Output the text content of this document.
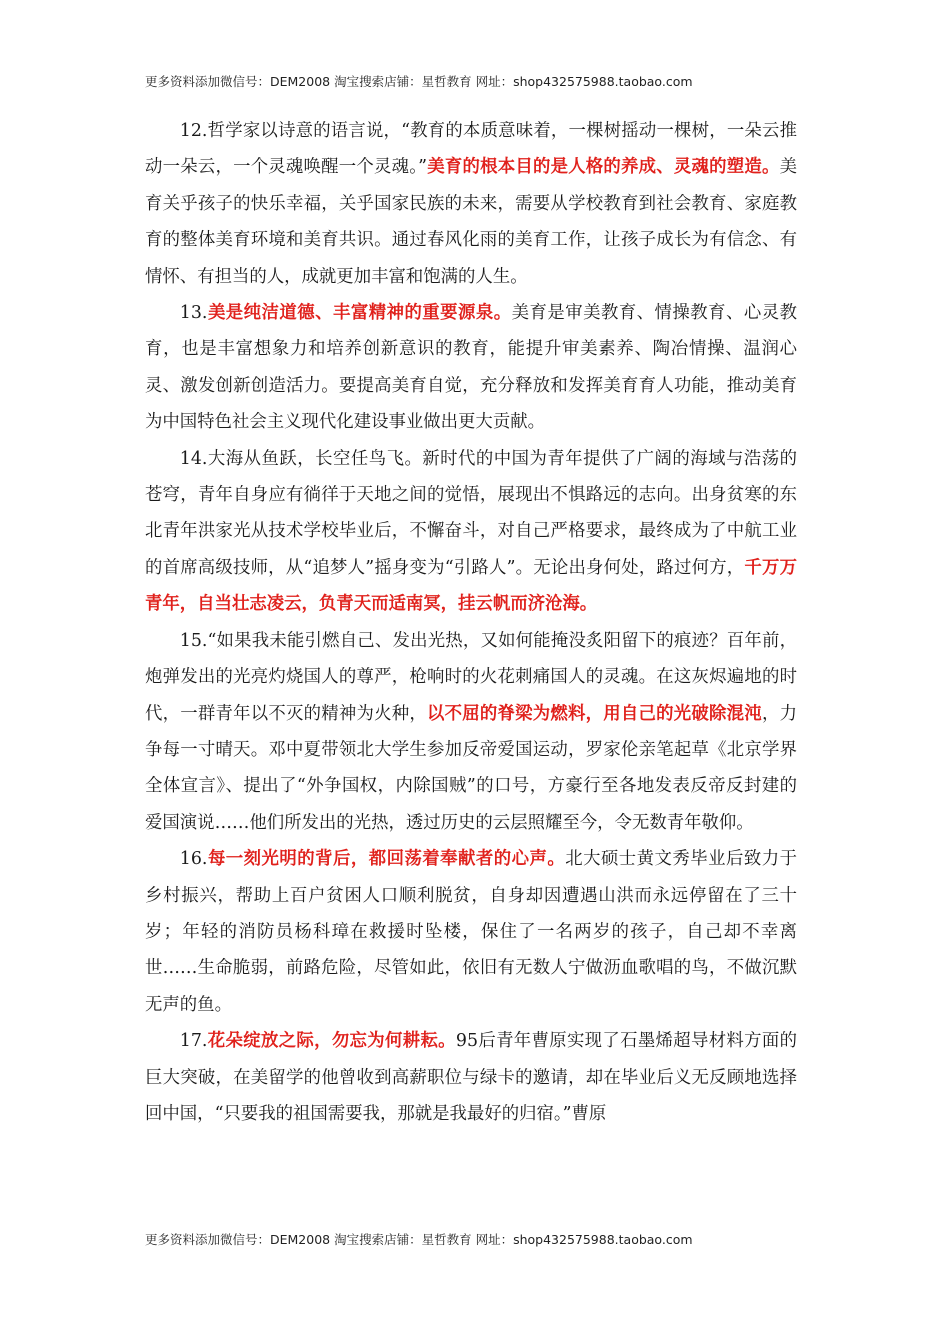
更多资料添加微信号：DEM2008 淘宝搜索店铺：星哲教育 网址：shop432575988.taobao.com

12.哲学家以诗意的语言说，“教育的本质意味着，一棵树摇动一棵树，一朵云推动一朵云，一个灵魂唤醒一个灵魂。”美育的根本目的是人格的养成、灵魂的塑造。美育关乎孩子的快乐幸福，关乎国家民族的未来，需要从学校教育到社会教育、家庭教育的整体美育环境和美育共识。通过春风化雨的美育工作，让孩子成长为有信念、有情怀、有担当的人，成就更加丰富和饱满的人生。

13.美是纯洁道德、丰富精神的重要源泉。美育是审美教育、情操教育、心灵教育，也是丰富想象力和培养创新意识的教育，能提升审美素养、陶冶情操、温润心灵、激发创新创造活力。要提高美育自觉，充分释放和发挥美育育人功能，推动美育为中国特色社会主义现代化建设事业做出更大贡献。

14.大海从鱼跃，长空任鸟飞。新时代的中国为青年提供了广阔的海域与浩荡的苍穹，青年自身应有徜徉于天地之间的觉悟，展现出不惧路远的志向。出身贫寒的东北青年洪家光从技术学校毕业后，不懈奋斗，对自己严格要求，最终成为了中航工业的首席高级技师，从“追梦人”摇身变为“引路人”。无论出身何处，路过何方，千万万青年，自当壮志凌云，负青天而适南冥，挂云帆而济沧海。

15.“如果我未能引燃自己、发出光热，又如何能掩没炙阳留下的痕迹？百年前，炮弹发出的光亮灼烧国人的尊严，枪响时的火花刺痛国人的灵魂。在这灰烬遍地的时代，一群青年以不灭的精神为火种，以不屈的脊梁为燃料，用自己的光破除混沌，力争每一寸晴天。邓中夏带领北大学生参加反帝爱国运动，罗家伦亲笔起草《北京学界全体宣言》、提出了“外争国权，内除国贼”的口号，方豪行至各地发表反帝反封建的爱国演说……他们所发出的光热，透过历史的云层照耀至今，令无数青年敬仰。

16.每一刻光明的背后，都回荡着奉献者的心声。北大硕士黄文秀毕业后致力于乡村振兴，帮助上百户贫困人口顺利脱贫，自身却因遭遇山洪而永远停留在了三十岁；年轻的消防员杨科璋在救援时坠楼，保住了一名两岁的孩子，自己却不幸离世……生命脆弱，前路危险，尽管如此，依旧有无数人宁做沥血歌唱的鸟，不做沉默无声的鱼。

17.花朵绽放之际，勿忘为何耕耘。95后青年曹原实现了石墨烯超导材料方面的巨大突破，在美留学的他曾收到高薪职位与绿卡的邀请，却在毕业后义无反顾地选择回中国，“只要我的祖国需要我，那就是我最好的归宿。”曹原

更多资料添加微信号：DEM2008 淘宝搜索店铺：星哲教育 网址：shop432575988.taobao.com
